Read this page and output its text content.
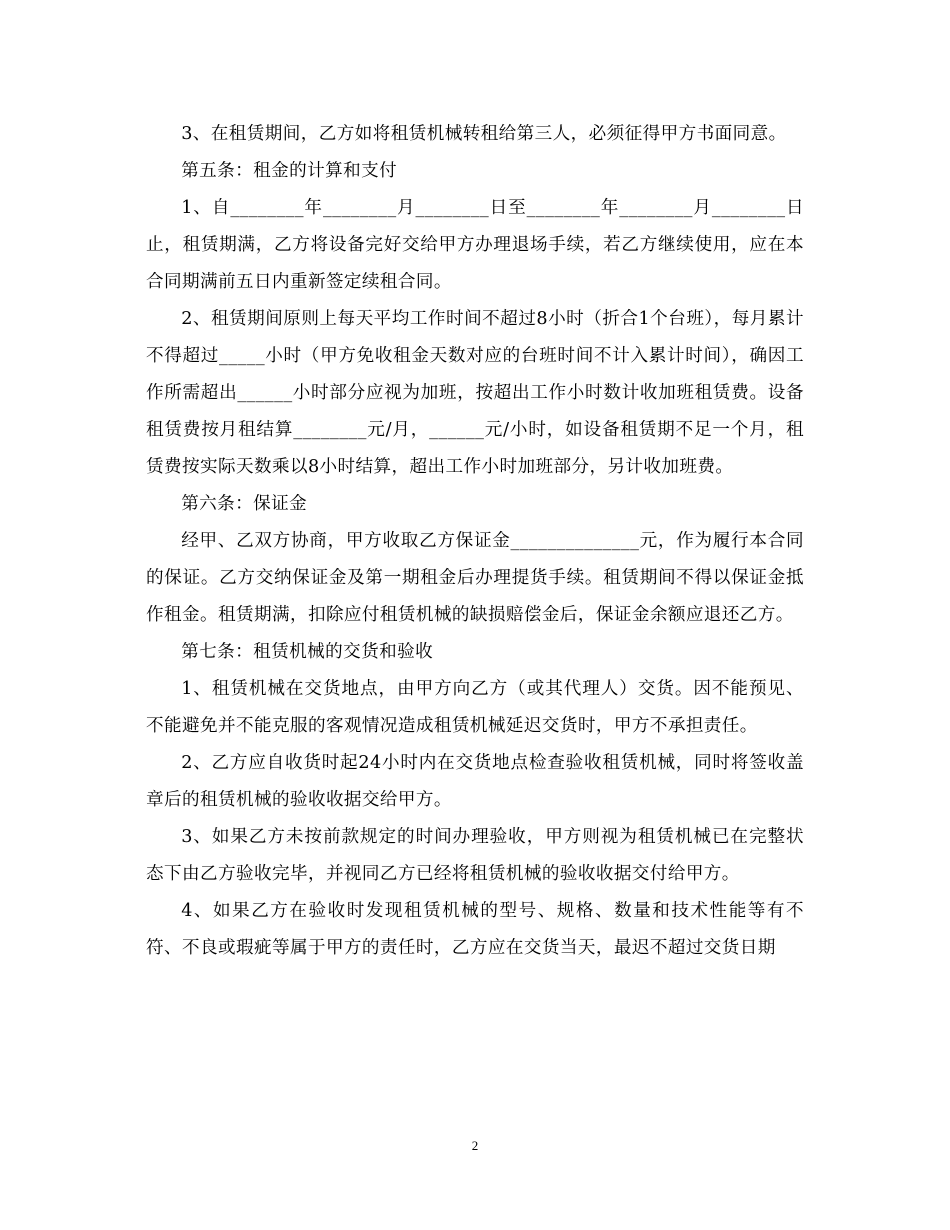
3、在租赁期间，乙方如将租赁机械转租给第三人，必须征得甲方书面同意。

第五条：租金的计算和支付

1、自________年________月________日至________年________月________日止，租赁期满，乙方将设备完好交给甲方办理退场手续，若乙方继续使用，应在本合同期满前五日内重新签定续租合同。

2、租赁期间原则上每天平均工作时间不超过8小时（折合1个台班），每月累计不得超过_____小时（甲方免收租金天数对应的台班时间不计入累计时间），确因工作所需超出______小时部分应视为加班，按超出工作小时数计收加班租赁费。设备租赁费按月租结算________元/月，______元/小时，如设备租赁期不足一个月，租赁费按实际天数乘以8小时结算，超出工作小时加班部分，另计收加班费。

第六条：保证金

经甲、乙双方协商，甲方收取乙方保证金______________元，作为履行本合同的保证。乙方交纳保证金及第一期租金后办理提货手续。租赁期间不得以保证金抵作租金。租赁期满，扣除应付租赁机械的缺损赔偿金后，保证金余额应退还乙方。

第七条：租赁机械的交货和验收

1、租赁机械在交货地点，由甲方向乙方（或其代理人）交货。因不能预见、不能避免并不能克服的客观情况造成租赁机械延迟交货时，甲方不承担责任。

2、乙方应自收货时起24小时内在交货地点检查验收租赁机械，同时将签收盖章后的租赁机械的验收收据交给甲方。

3、如果乙方未按前款规定的时间办理验收，甲方则视为租赁机械已在完整状态下由乙方验收完毕，并视同乙方已经将租赁机械的验收收据交付给甲方。

4、如果乙方在验收时发现租赁机械的型号、规格、数量和技术性能等有不符、不良或瑕疵等属于甲方的责任时，乙方应在交货当天，最迟不超过交货日期

2
